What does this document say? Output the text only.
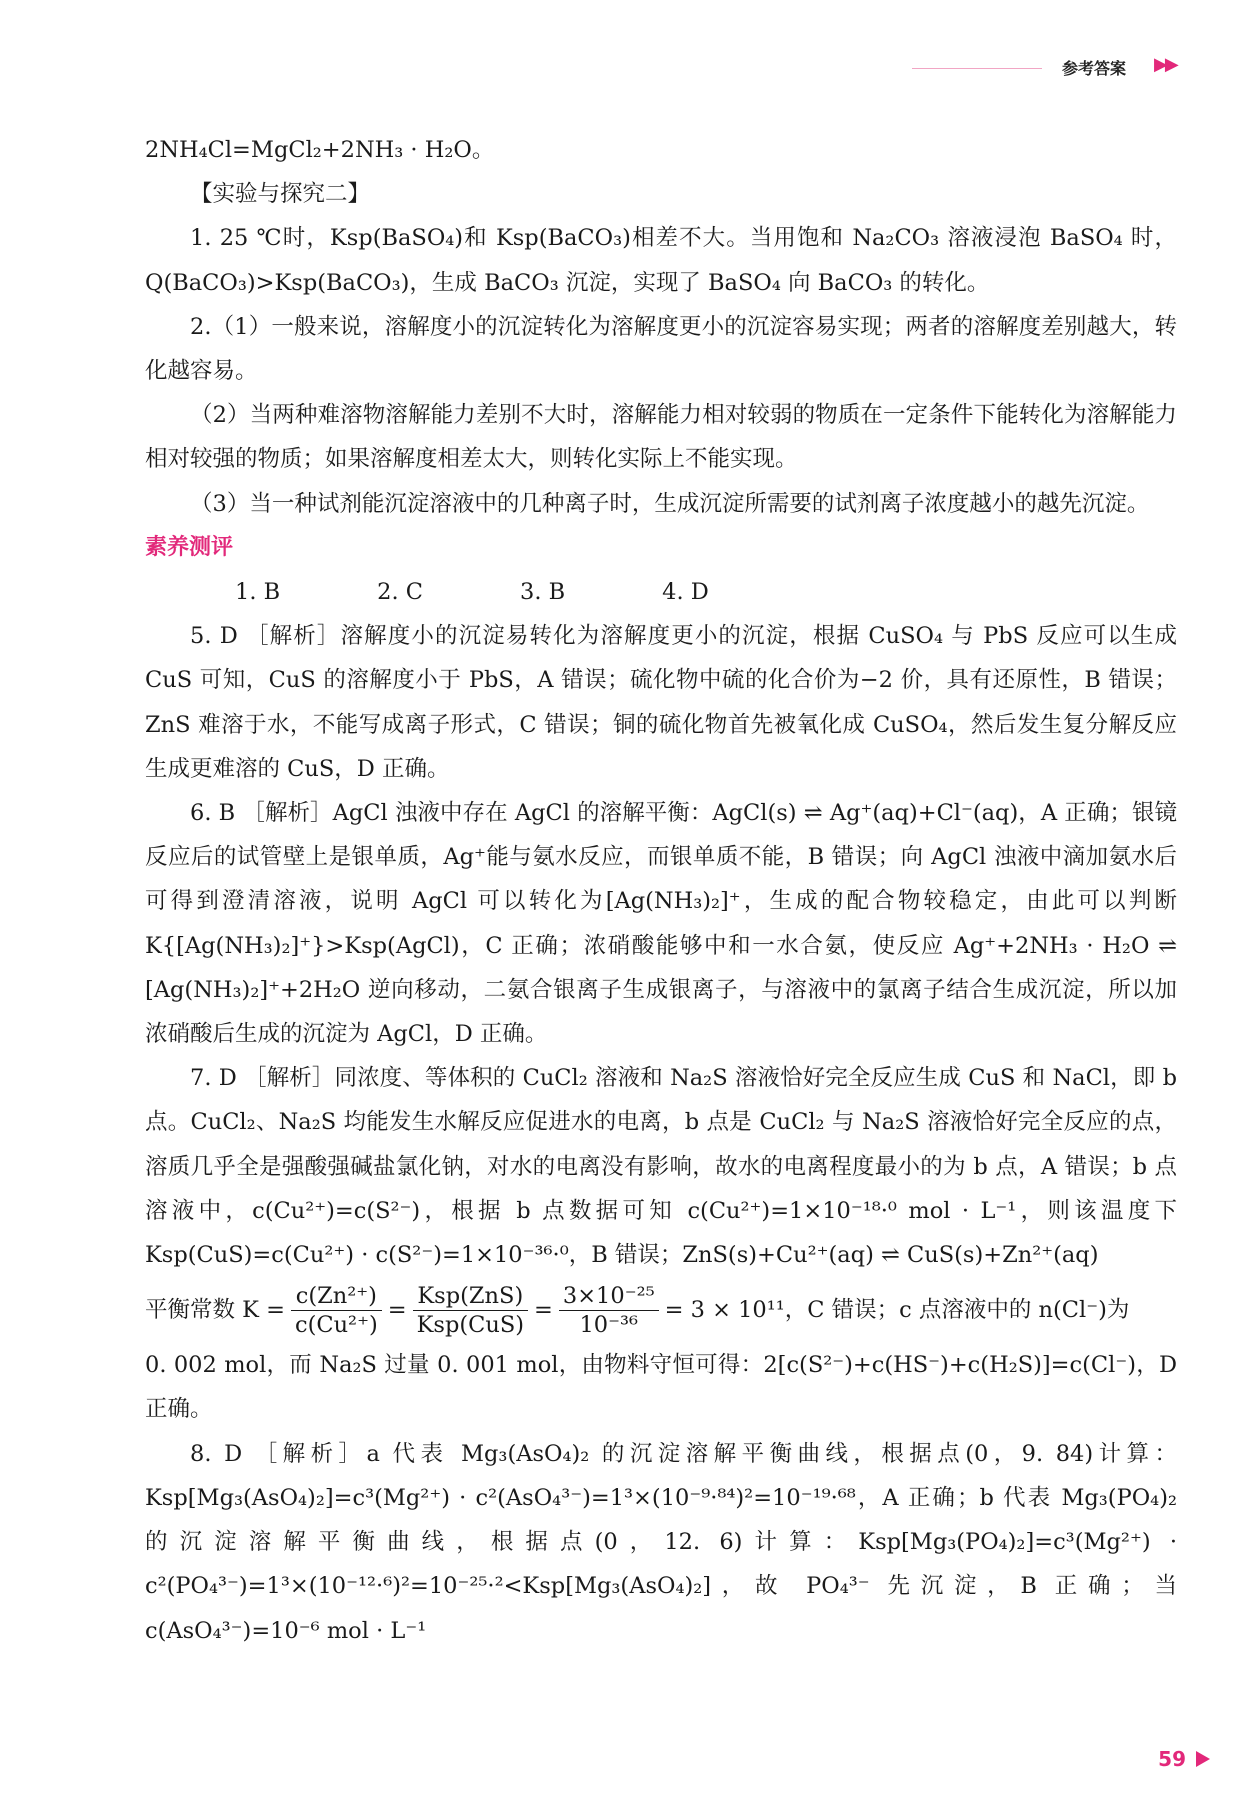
参考答案 ▶▶

2NH₄Cl=MgCl₂+2NH₃ · H₂O。

【实验与探究二】

1. 25 ℃时，Ksp(BaSO₄)和 Ksp(BaCO₃)相差不大。当用饱和 Na₂CO₃ 溶液浸泡 BaSO₄ 时，Q(BaCO₃)>Ksp(BaCO₃)，生成 BaCO₃ 沉淀，实现了 BaSO₄ 向 BaCO₃ 的转化。

2.（1）一般来说，溶解度小的沉淀转化为溶解度更小的沉淀容易实现；两者的溶解度差别越大，转化越容易。

（2）当两种难溶物溶解能力差别不大时，溶解能力相对较弱的物质在一定条件下能转化为溶解能力相对较强的物质；如果溶解度相差太大，则转化实际上不能实现。

（3）当一种试剂能沉淀溶液中的几种离子时，生成沉淀所需要的试剂离子浓度越小的越先沉淀。

素养测评

1. B	2. C	3. B	4. D

5. D ［解析］溶解度小的沉淀易转化为溶解度更小的沉淀，根据 CuSO₄ 与 PbS 反应可以生成 CuS 可知，CuS 的溶解度小于 PbS，A 错误；硫化物中硫的化合价为−2 价，具有还原性，B 错误；ZnS 难溶于水，不能写成离子形式，C 错误；铜的硫化物首先被氧化成 CuSO₄，然后发生复分解反应生成更难溶的 CuS，D 正确。

6. B ［解析］AgCl 浊液中存在 AgCl 的溶解平衡：AgCl(s) ⇌ Ag⁺(aq)+Cl⁻(aq)，A 正确；银镜反应后的试管壁上是银单质，Ag⁺能与氨水反应，而银单质不能，B 错误；向 AgCl 浊液中滴加氨水后可得到澄清溶液，说明 AgCl 可以转化为[Ag(NH₃)₂]⁺，生成的配合物较稳定，由此可以判断K{[Ag(NH₃)₂]⁺}>Ksp(AgCl)，C 正确；浓硝酸能够中和一水合氨，使反应 Ag⁺+2NH₃ · H₂O ⇌ [Ag(NH₃)₂]⁺+2H₂O 逆向移动，二氨合银离子生成银离子，与溶液中的氯离子结合生成沉淀，所以加浓硝酸后生成的沉淀为 AgCl，D 正确。

7. D ［解析］同浓度、等体积的 CuCl₂ 溶液和 Na₂S 溶液恰好完全反应生成 CuS 和 NaCl，即 b 点。CuCl₂、Na₂S 均能发生水解反应促进水的电离，b 点是 CuCl₂ 与 Na₂S 溶液恰好完全反应的点，溶质几乎全是强酸强碱盐氯化钠，对水的电离没有影响，故水的电离程度最小的为 b 点，A 错误；b 点溶液中，c(Cu²⁺)=c(S²⁻)，根据 b 点数据可知 c(Cu²⁺)=1×10⁻¹⁸·⁰ mol · L⁻¹，则该温度下 Ksp(CuS)=c(Cu²⁺) · c(S²⁻)=1×10⁻³⁶·⁰，B 错误；ZnS(s)+Cu²⁺(aq) ⇌ CuS(s)+Zn²⁺(aq)

平衡常数 $K = \frac{\text{c(Zn²⁺)}}{\text{c(Cu²⁺)}} = \frac{\text{Ksp(ZnS)}}{\text{Ksp(CuS)}} = \frac{\text{3×10⁻²⁵}}{\text{10⁻³⁶}} = 3 \times 10^{11}$，C 错误；c 点溶液中的 n(Cl⁻)为

0. 002 mol，而 Na₂S 过量 0. 001 mol，由物料守恒可得：2[c(S²⁻)+c(HS⁻)+c(H₂S)]=c(Cl⁻)，D 正确。

8. D ［解析］a 代表 Mg₃(AsO₄)₂ 的沉淀溶解平衡曲线，根据点(0，9. 84)计算：Ksp[Mg₃(AsO₄)₂]=c³(Mg²⁺) · c²(AsO₄³⁻)=1³×(10⁻⁹·⁸⁴)²=10⁻¹⁹·⁶⁸，A 正确；b 代表 Mg₃(PO₄)₂ 的沉淀溶解平衡曲线，根据点(0，12. 6)计算：Ksp[Mg₃(PO₄)₂]=c³(Mg²⁺) · c²(PO₄³⁻)=1³×(10⁻¹²·⁶)²=10⁻²⁵·²<Ksp[Mg₃(AsO₄)₂]，故 PO₄³⁻ 先沉淀，B 正确；当 c(AsO₄³⁻)=10⁻⁶ mol · L⁻¹

59
